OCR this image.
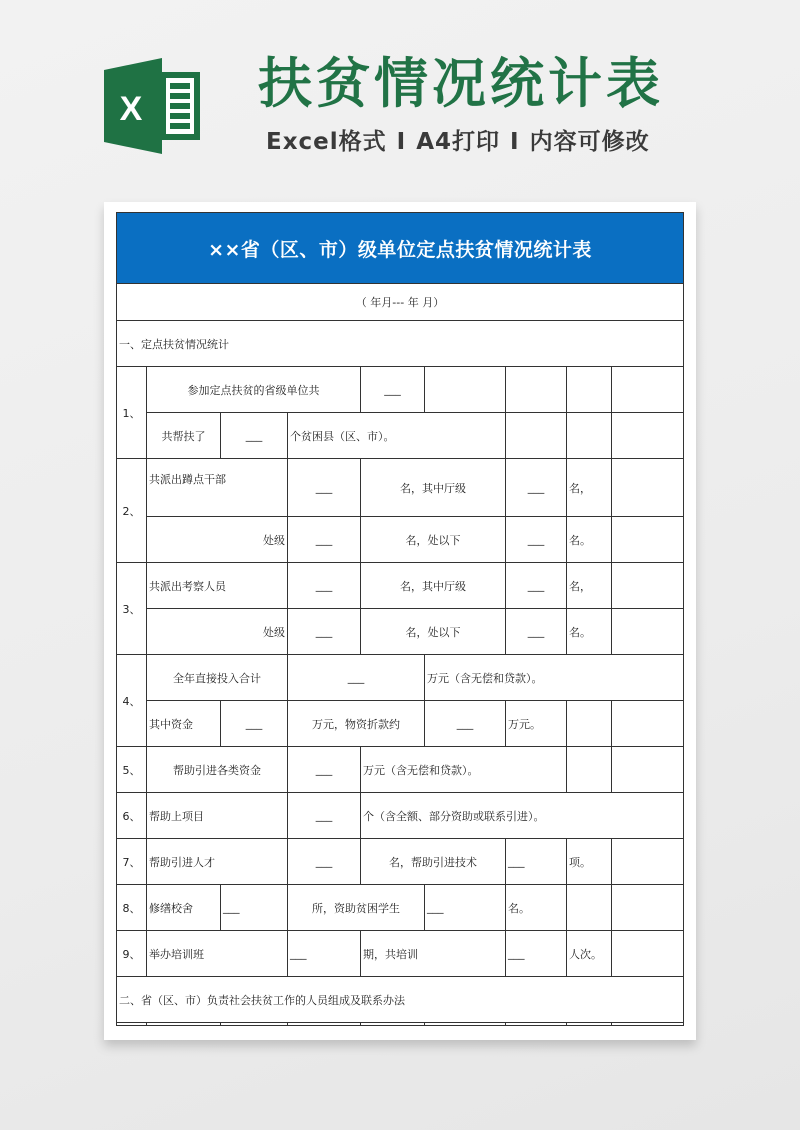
X 扶贫情况统计表
Excel格式 I A4打印 I 内容可修改
××省（区、市）级单位定点扶贫情况统计表								
（ 年月--- 年 月）								
一、定点扶贫情况统计								
1、	参加定点扶贫的省级单位共			___				
	共帮扶了	___	个贫困县（区、市）。					
2、	共派出蹲点干部		___	名，其中厅级		___	名，	
	处级		___	名，处以下		___	名。	
3、	共派出考察人员		___	名，其中厅级		___	名，	
	处级		___	名，处以下		___	名。	
4、	全年直接投入合计		___		万元（含无偿和贷款）。			
	其中资金	___	万元，物资折款约		___	万元。		
5、	帮助引进各类资金		___	万元（含无偿和贷款）。				
6、	帮助上项目		___	个（含全额、部分资助或联系引进）。				
7、	帮助引进人才		___	名，帮助引进技术		___	项。	
8、	修缮校舍	___	所，资助贫困学生		___	名。		
9、	举办培训班		___	期，共培训		___	人次。	
二、省（区、市）负责社会扶贫工作的人员组成及联系办法								
